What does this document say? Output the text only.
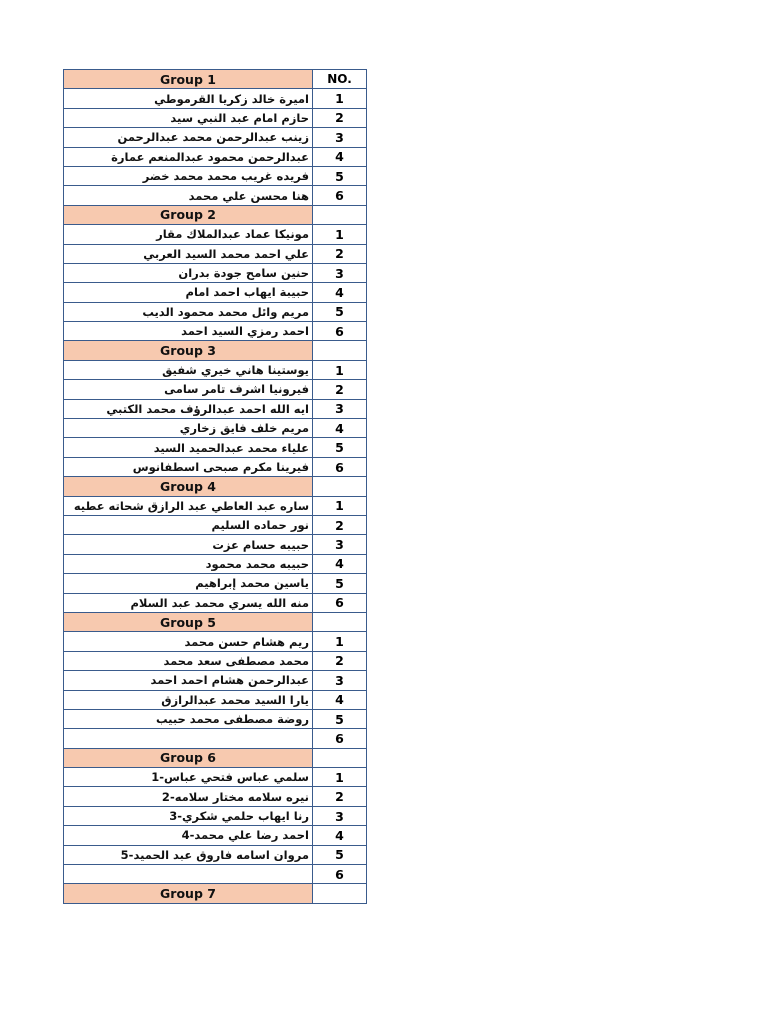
Group 1	NO.
اميرة خالد زكريا القرموطي	1
حازم امام عبد النبي سيد	2
زينب عبدالرحمن محمد عبدالرحمن	3
عبدالرحمن محمود عبدالمنعم عمارة	4
فريده غريب محمد محمد خضر	5
هنا محسن علي محمد	6
Group 2	
مونيكا عماد عبدالملاك مقار	1
علي احمد محمد السيد العربي	2
حنين سامح جودة بدران	3
حبيبة ايهاب احمد امام	4
مريم وائل محمد محمود الديب	5
احمد رمزي السيد احمد	6
Group 3	
يوستينا هاني خيري شفيق	1
فيرونيا اشرف تامر سامى	2
ايه الله احمد عبدالرؤف محمد الكتبي	3
مريم خلف فايق زخاري	4
علياء محمد عبدالحميد السيد	5
فيرينا مكرم صبحى اسطفانوس	6
Group 4	
ساره عبد العاطي عبد الرازق شحاته عطيه	1
نور حماده السليم	2
حبيبه حسام عزت	3
حبيبه محمد محمود	4
ياسين محمد إبراهيم	5
منه الله يسري محمد عبد السلام	6
Group 5	
ريم هشام حسن محمد	1
محمد مصطفى سعد محمد	2
عبدالرحمن هشام احمد احمد	3
يارا السيد محمد عبدالرازق	4
روضة مصطفى محمد حبيب	5
	6
Group 6	
سلمي عباس فتحي عباس-1	1
نيره سلامه مختار سلامه-2	2
رنا ايهاب حلمي شكري-3	3
احمد رضا علي محمد-4	4
مروان اسامه فاروق عبد الحميد-5	5
	6
Group 7	
